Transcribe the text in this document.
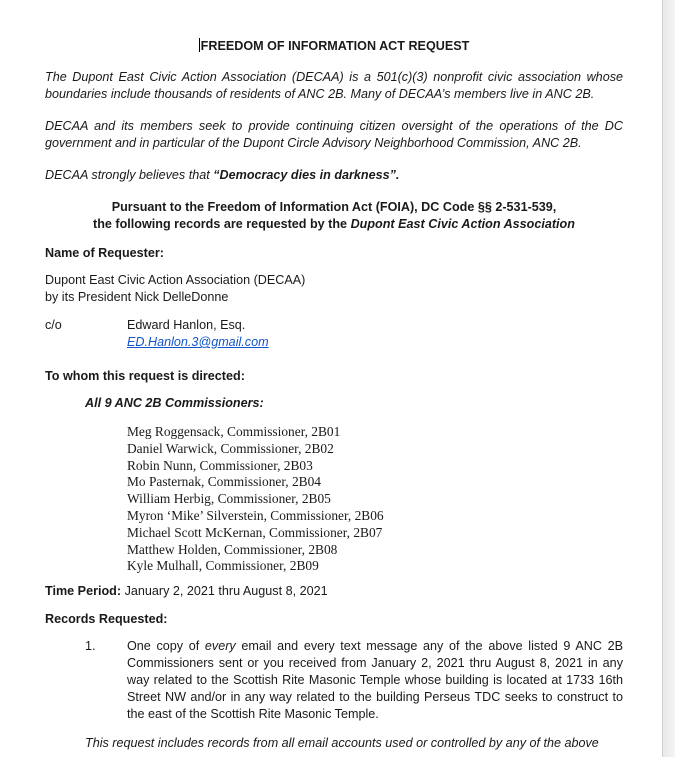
FREEDOM OF INFORMATION ACT REQUEST

The Dupont East Civic Action Association (DECAA) is a 501(c)(3) nonprofit civic association whose boundaries include thousands of residents of ANC 2B. Many of DECAA’s members live in ANC 2B.

DECAA and its members seek to provide continuing citizen oversight of the operations of the DC government and in particular of the Dupont Circle Advisory Neighborhood Commission, ANC 2B.

DECAA strongly believes that “Democracy dies in darkness”.

Pursuant to the Freedom of Information Act (FOIA), DC Code §§ 2-531-539,
the following records are requested by the Dupont East Civic Action Association

Name of Requester:

Dupont East Civic Action Association (DECAA)

by its President Nick DelleDonne

c/o	Edward Hanlon, Esq.
ED.Hanlon.3@gmail.com

To whom this request is directed:

All 9 ANC 2B Commissioners:

Meg Roggensack, Commissioner, 2B01
Daniel Warwick, Commissioner, 2B02
Robin Nunn, Commissioner, 2B03
Mo Pasternak, Commissioner, 2B04
William Herbig, Commissioner, 2B05
Myron ‘Mike’ Silverstein, Commissioner, 2B06
Michael Scott McKernan, Commissioner, 2B07
Matthew Holden, Commissioner, 2B08
Kyle Mulhall, Commissioner, 2B09

Time Period: January 2, 2021 thru August 8, 2021

Records Requested:

1.	One copy of every email and every text message any of the above listed 9 ANC 2B Commissioners sent or you received from January 2, 2021 thru August 8, 2021 in any way related to the Scottish Rite Masonic Temple whose building is located at 1733 16th Street NW and/or in any way related to the building Perseus TDC seeks to construct to the east of the Scottish Rite Masonic Temple.

This request includes records from all email accounts used or controlled by any of the above
